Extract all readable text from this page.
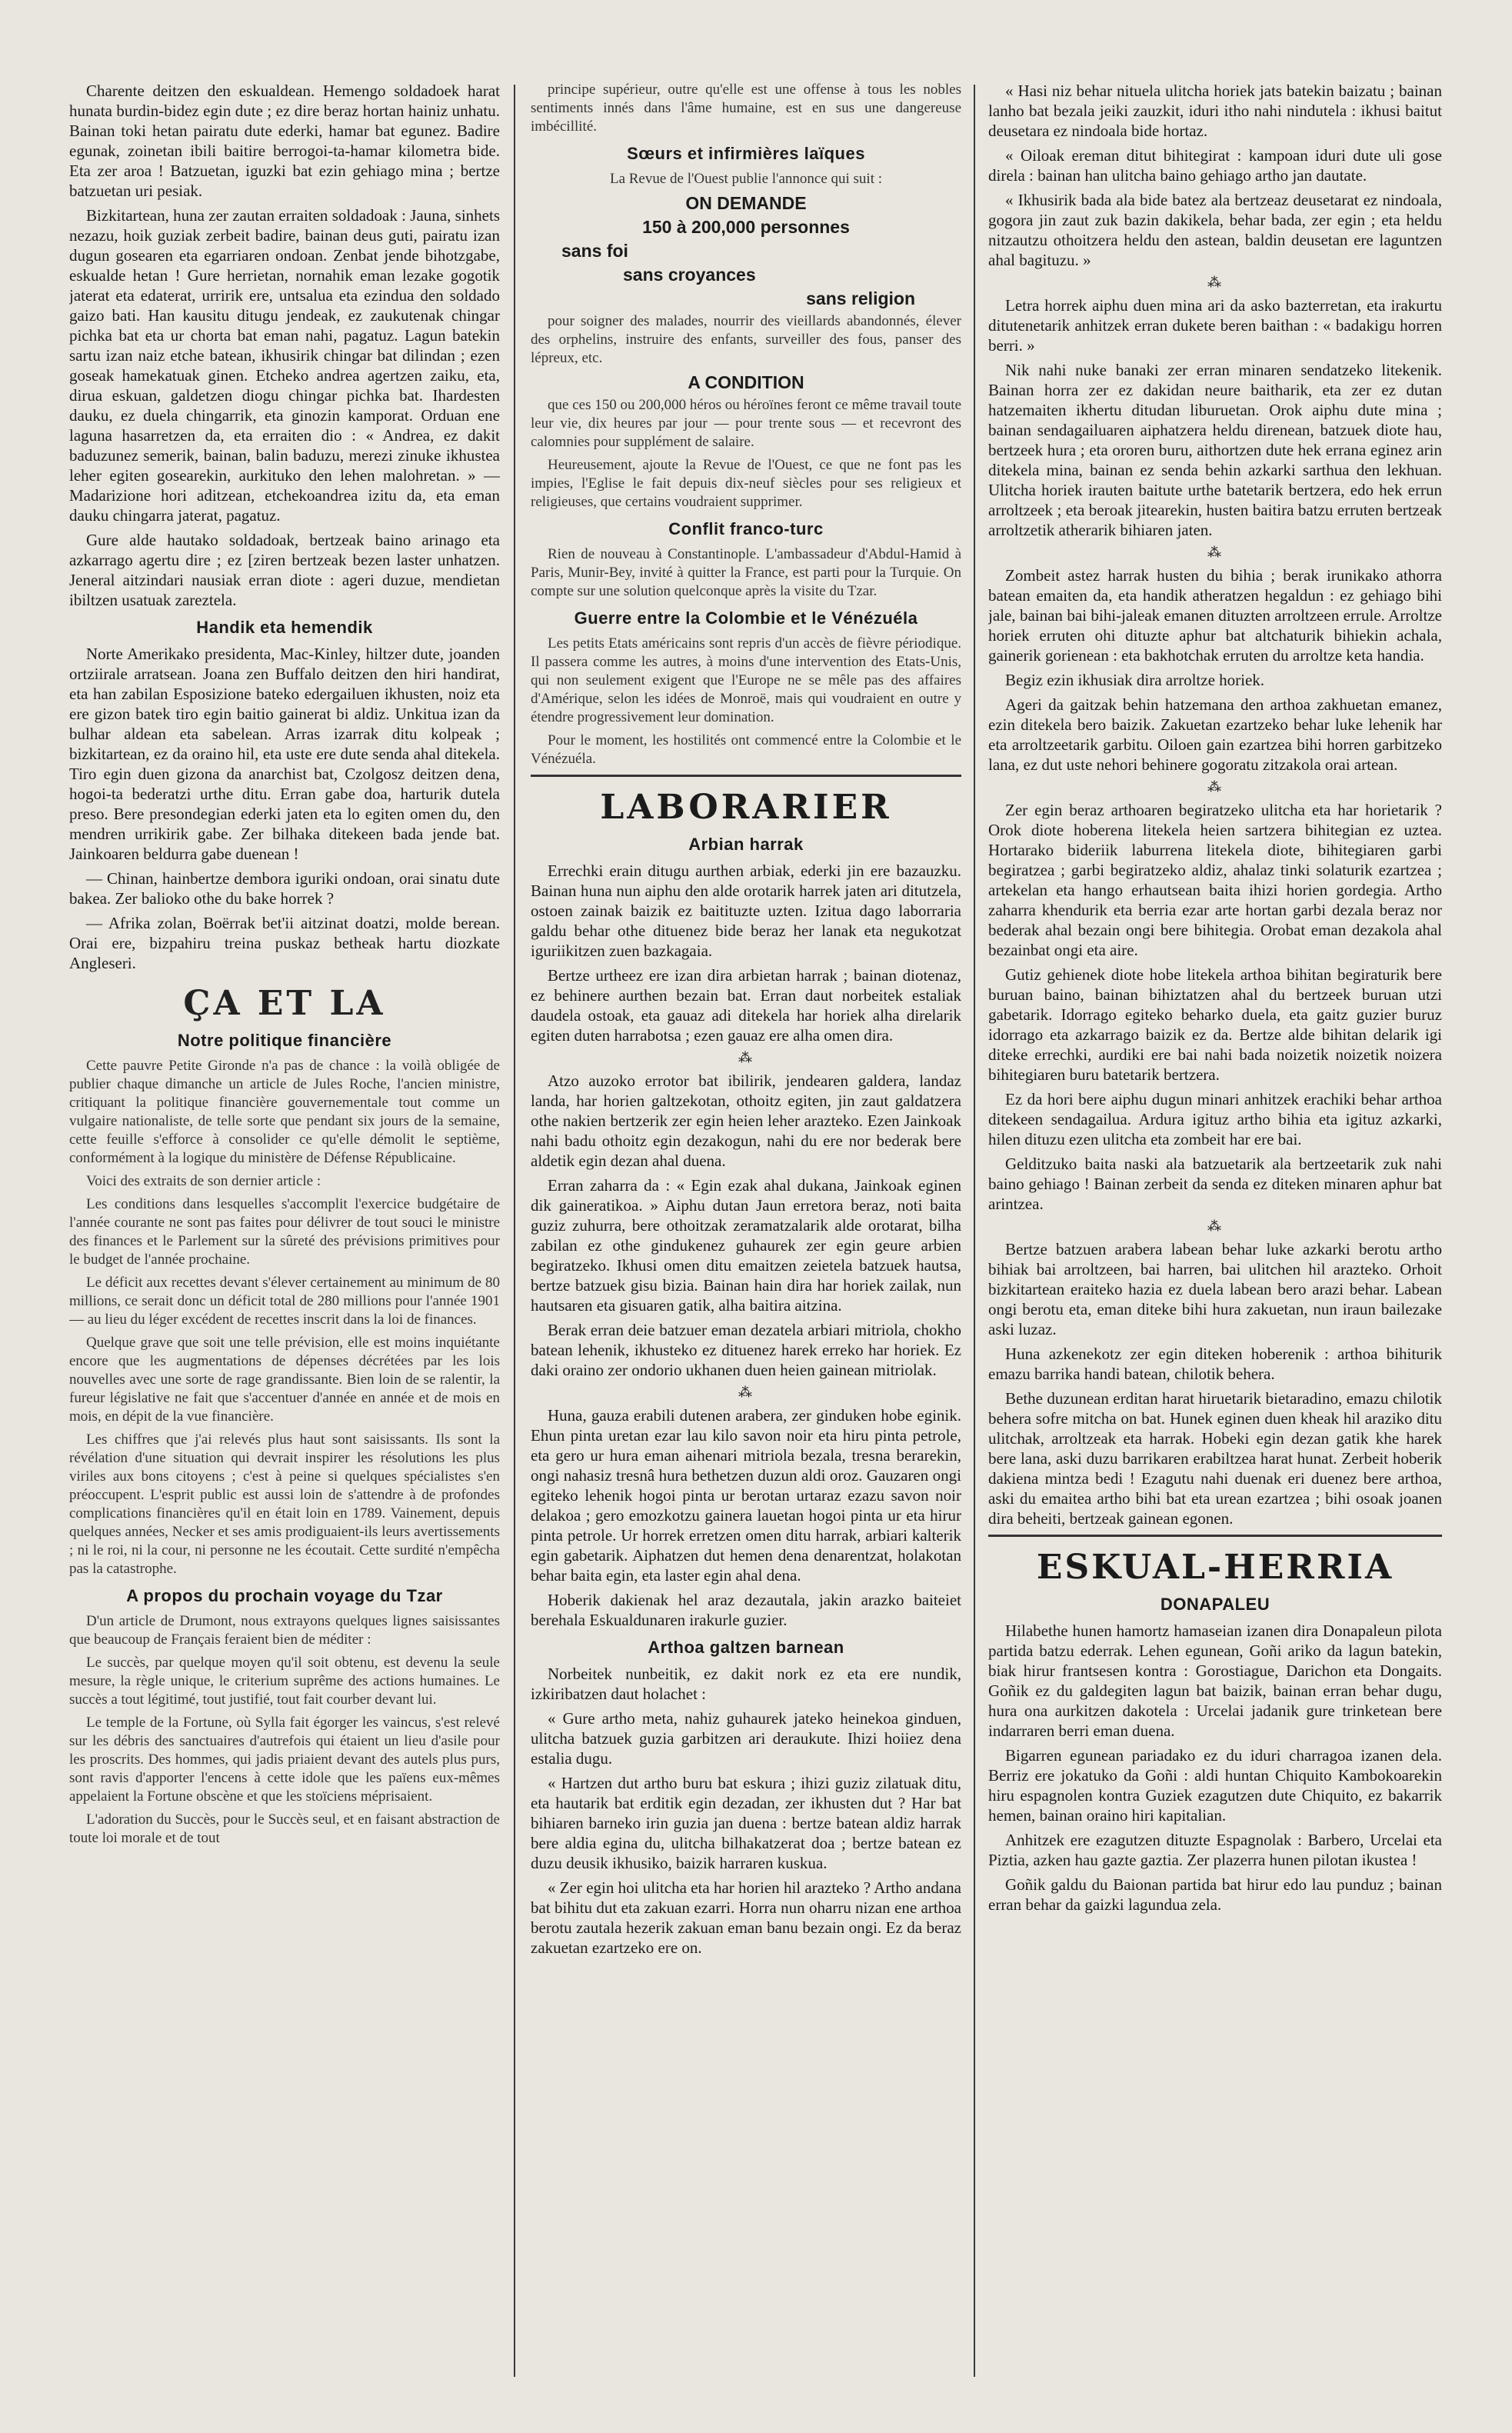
Charente deitzen den eskualdean. Hemengo soldadoek harat hunata burdin-bidez egin dute ; ez dire beraz hortan hainiz unhatu. Bainan toki hetan pairatu dute ederki, hamar bat egunez. Badire egunak, zoinetan ibili baitire berrogoi-ta-hamar kilometra bide. Eta zer aroa ! Batzuetan, iguzki bat ezin gehiago mina ; bertze batzuetan uri pesiak.

Bizkitartean, huna zer zautan erraiten soldadoak : Jauna, sinhets nezazu, hoik guziak zerbeit badire, bainan deus guti, pairatu izan dugun gosearen eta egarriaren ondoan. Zenbat jende bihotzgabe, eskualde hetan ! Gure herrietan, nornahik eman lezake gogotik jaterat eta edaterat, urririk ere, untsalua eta ezindua den soldado gaizo bati. Han kausitu ditugu jendeak, ez zaukutenak chingar pichka bat eta ur chorta bat eman nahi, pagatuz. Lagun batekin sartu izan naiz etche batean, ikhusirik chingar bat dilindan ; ezen goseak hamekatuak ginen. Etcheko andrea agertzen zaiku, eta, dirua eskuan, galdetzen diogu chingar pichka bat. Ihardesten dauku, ez duela chingarrik, eta ginozin kamporat. Orduan ene laguna hasarretzen da, eta erraiten dio : « Andrea, ez dakit baduzunez semerik, bainan, balin baduzu, merezi zinuke ikhustea leher egiten gosearekin, aurkituko den lehen malohretan. » — Madarizione hori aditzean, etchekoandrea izitu da, eta eman dauku chingarra jaterat, pagatuz.

Gure alde hautako soldadoak, bertzeak baino arinago eta azkarrago agertu dire ; ez [ziren bertzeak bezen laster unhatzen. Jeneral aitzindari nausiak erran diote : ageri duzue, mendietan ibiltzen usatuak zareztela.

Handik eta hemendik

Norte Amerikako presidenta, Mac-Kinley, hiltzer dute, joanden ortziirale arratsean. Joana zen Buffalo deitzen den hiri handirat, eta han zabilan Esposizione bateko edergailuen ikhusten, noiz eta ere gizon batek tiro egin baitio gainerat bi aldiz. Unkitua izan da bulhar aldean eta sabelean. Arras izarrak ditu kolpeak ; bizkitartean, ez da oraino hil, eta uste ere dute senda ahal ditekela. Tiro egin duen gizona da anarchist bat, Czolgosz deitzen dena, hogoi-ta bederatzi urthe ditu. Erran gabe doa, harturik dutela preso. Bere presondegian ederki jaten eta lo egiten omen du, den mendren urrikirik gabe. Zer bilhaka ditekeen bada jende bat. Jainkoaren beldurra gabe duenean !

— Chinan, hainbertze dembora iguriki ondoan, orai sinatu dute bakea. Zer balioko othe du bake horrek ?

— Afrika zolan, Boërrak bet'ii aitzinat doatzi, molde berean. Orai ere, bizpahiru treina puskaz betheak hartu diozkate Angleseri.

ÇA ET LA
Notre politique financière

Cette pauvre Petite Gironde n'a pas de chance : la voilà obligée de publier chaque dimanche un article de Jules Roche, l'ancien ministre, critiquant la politique financière gouvernementale tout comme un vulgaire nationaliste, de telle sorte que pendant six jours de la semaine, cette feuille s'efforce à consolider ce qu'elle démolit le septième, conformément à la logique du ministère de Défense Républicaine.

Voici des extraits de son dernier article :

Les conditions dans lesquelles s'accomplit l'exercice budgétaire de l'année courante ne sont pas faites pour délivrer de tout souci le ministre des finances et le Parlement sur la sûreté des prévisions primitives pour le budget de l'année prochaine.

Le déficit aux recettes devant s'élever certainement au minimum de 80 millions, ce serait donc un déficit total de 280 millions pour l'année 1901 — au lieu du léger excédent de recettes inscrit dans la loi de finances.

Quelque grave que soit une telle prévision, elle est moins inquiétante encore que les augmentations de dépenses décrétées par les lois nouvelles avec une sorte de rage grandissante. Bien loin de se ralentir, la fureur législative ne fait que s'accentuer d'année en année et de mois en mois, en dépit de la vue financière.

Les chiffres que j'ai relevés plus haut sont saisissants. Ils sont la révélation d'une situation qui devrait inspirer les résolutions les plus viriles aux bons citoyens ; c'est à peine si quelques spécialistes s'en préoccupent. L'esprit public est aussi loin de s'attendre à de profondes complications financières qu'il en était loin en 1789. Vainement, depuis quelques années, Necker et ses amis prodiguaient-ils leurs avertissements ; ni le roi, ni la cour, ni personne ne les écoutait. Cette surdité n'empêcha pas la catastrophe.

A propos du prochain voyage du Tzar

D'un article de Drumont, nous extrayons quelques lignes saisissantes que beaucoup de Français feraient bien de méditer :

Le succès, par quelque moyen qu'il soit obtenu, est devenu la seule mesure, la règle unique, le criterium suprême des actions humaines. Le succès a tout légitimé, tout justifié, tout fait courber devant lui.

Le temple de la Fortune, où Sylla fait égorger les vaincus, s'est relevé sur les débris des sanctuaires d'autrefois qui étaient un lieu d'asile pour les proscrits. Des hommes, qui jadis priaient devant des autels plus purs, sont ravis d'apporter l'encens à cette idole que les païens eux-mêmes appelaient la Fortune obscène et que les stoïciens méprisaient.

L'adoration du Succès, pour le Succès seul, et en faisant abstraction de toute loi morale et de tout

principe supérieur, outre qu'elle est une offense à tous les nobles sentiments innés dans l'âme humaine, est en sus une dangereuse imbécillité.

Sœurs et infirmières laïques

La Revue de l'Ouest publie l'annonce qui suit :

ON DEMANDE
150 à 200,000 personnes
sans foi
sans croyances
sans religion

pour soigner des malades, nourrir des vieillards abandonnés, élever des orphelins, instruire des enfants, surveiller des fous, panser des lépreux, etc.

A CONDITION

que ces 150 ou 200,000 héros ou héroïnes feront ce même travail toute leur vie, dix heures par jour — pour trente sous — et recevront des calomnies pour supplément de salaire.

Heureusement, ajoute la Revue de l'Ouest, ce que ne font pas les impies, l'Eglise le fait depuis dix-neuf siècles pour ses religieux et religieuses, que certains voudraient supprimer.

Conflit franco-turc

Rien de nouveau à Constantinople. L'ambassadeur d'Abdul-Hamid à Paris, Munir-Bey, invité à quitter la France, est parti pour la Turquie. On compte sur une solution quelconque après la visite du Tzar.

Guerre entre la Colombie et le Vénézuéla

Les petits Etats américains sont repris d'un accès de fièvre périodique. Il passera comme les autres, à moins d'une intervention des Etats-Unis, qui non seulement exigent que l'Europe ne se mêle pas des affaires d'Amérique, selon les idées de Monroë, mais qui voudraient en outre y étendre progressivement leur domination.

Pour le moment, les hostilités ont commencé entre la Colombie et le Vénézuéla.

LABORARIER
Arbian harrak

Errechki erain ditugu aurthen arbiak, ederki jin ere bazauzku. Bainan huna nun aiphu den alde orotarik harrek jaten ari ditutzela, ostoen zainak baizik ez baitituzte uzten. Izitua dago laborraria galdu behar othe dituenez bide beraz her lanak eta negukotzat iguriikitzen zuen bazkagaia.

Bertze urtheez ere izan dira arbietan harrak ; bainan diotenaz, ez behinere aurthen bezain bat. Erran daut norbeitek estaliak daudela ostoak, eta gauaz adi ditekela har horiek alha direlarik egiten duten harrabotsa ; ezen gauaz ere alha omen dira.

⁂

Atzo auzoko errotor bat ibilirik, jendearen galdera, landaz landa, har horien galtzekotan, othoitz egiten, jin zaut galdatzera othe nakien bertzerik zer egin heien leher arazteko. Ezen Jainkoak nahi badu othoitz egin dezakogun, nahi du ere nor bederak bere aldetik egin dezan ahal duena.

Erran zaharra da : « Egin ezak ahal dukana, Jainkoak eginen dik gaineratikoa. » Aiphu dutan Jaun erretora beraz, noti baita guziz zuhurra, bere othoitzak zeramatzalarik alde orotarat, bilha zabilan ez othe gindukenez guhaurek zer egin geure arbien begiratzeko. Ikhusi omen ditu emaitzen zeietela batzuek hautsa, bertze batzuek gisu bizia. Bainan hain dira har horiek zailak, nun hautsaren eta gisuaren gatik, alha baitira aitzina.

Berak erran deie batzuer eman dezatela arbiari mitriola, chokho batean lehenik, ikhusteko ez dituenez harek erreko har horiek. Ez daki oraino zer ondorio ukhanen duen heien gainean mitriolak.

⁂

Huna, gauza erabili dutenen arabera, zer ginduken hobe eginik. Ehun pinta uretan ezar lau kilo savon noir eta hiru pinta petrole, eta gero ur hura eman aihenari mitriola bezala, tresna berarekin, ongi nahasiz tresnâ hura bethetzen duzun aldi oroz. Gauzaren ongi egiteko lehenik hogoi pinta ur berotan urtaraz ezazu savon noir delakoa ; gero emozkotzu gainera lauetan hogoi pinta ur eta hirur pinta petrole. Ur horrek erretzen omen ditu harrak, arbiari kalterik egin gabetarik. Aiphatzen dut hemen dena denarentzat, holakotan behar baita egin, eta laster egin ahal dena.

Hoberik dakienak hel araz dezautala, jakin arazko baiteiet berehala Eskualdunaren irakurle guzier.

Arthoa galtzen barnean

Norbeitek nunbeitik, ez dakit nork ez eta ere nundik, izkiribatzen daut holachet :

« Gure artho meta, nahiz guhaurek jateko heinekoa ginduen, ulitcha batzuek guzia garbitzen ari deraukute. Ihizi hoiiez dena estalia dugu.

« Hartzen dut artho buru bat eskura ; ihizi guziz zilatuak ditu, eta hautarik bat erditik egin dezadan, zer ikhusten dut ? Har bat bihiaren barneko irin guzia jan duena : bertze batean aldiz harrak bere aldia egina du, ulitcha bilhakatzerat doa ; bertze batean ez duzu deusik ikhusiko, baizik harraren kuskua.

« Zer egin hoi ulitcha eta har horien hil arazteko ? Artho andana bat bihitu dut eta zakuan ezarri. Horra nun oharru nizan ene arthoa berotu zautala hezerik zakuan eman banu bezain ongi. Ez da beraz zakuetan ezartzeko ere on.

« Hasi niz behar nituela ulitcha horiek jats batekin baizatu ; bainan lanho bat bezala jeiki zauzkit, iduri itho nahi nindutela : ikhusi baitut deusetara ez nindoala bide hortaz.

« Oiloak ereman ditut bihitegirat : kampoan iduri dute uli gose direla : bainan han ulitcha baino gehiago artho jan dautate.

« Ikhusirik bada ala bide batez ala bertzeaz deusetarat ez nindoala, gogora jin zaut zuk bazin dakikela, behar bada, zer egin ; eta heldu nitzautzu othoitzera heldu den astean, baldin deusetan ere laguntzen ahal bagituzu. »

⁂

Letra horrek aiphu duen mina ari da asko bazterretan, eta irakurtu ditutenetarik anhitzek erran dukete beren baithan : « badakigu horren berri. »

Nik nahi nuke banaki zer erran minaren sendatzeko litekenik. Bainan horra zer ez dakidan neure baitharik, eta zer ez dutan hatzemaiten ikhertu ditudan liburuetan. Orok aiphu dute mina ; bainan sendagailuaren aiphatzera heldu direnean, batzuek diote hau, bertzeek hura ; eta ororen buru, aithortzen dute hek errana eginez arin ditekela mina, bainan ez senda behin azkarki sarthua den lekhuan. Ulitcha horiek irauten baitute urthe batetarik bertzera, edo hek errun arroltzeek ; eta beroak jitearekin, husten baitira batzu erruten bertzeak arroltzetik atherarik bihiaren jaten.

⁂

Zombeit astez harrak husten du bihia ; berak irunikako athorra batean emaiten da, eta handik atheratzen hegaldun : ez gehiago bihi jale, bainan bai bihi-jaleak emanen dituzten arroltzeen errule. Arroltze horiek erruten ohi dituzte aphur bat altchaturik bihiekin achala, gainerik gorienean : eta bakhotchak erruten du arroltze keta handia.

Begiz ezin ikhusiak dira arroltze horiek.

Ageri da gaitzak behin hatzemana den arthoa zakhuetan emanez, ezin ditekela bero baizik. Zakuetan ezartzeko behar luke lehenik har eta arroltzeetarik garbitu. Oiloen gain ezartzea bihi horren garbitzeko lana, ez dut uste nehori behinere gogoratu zitzakola orai artean.

⁂

Zer egin beraz arthoaren begiratzeko ulitcha eta har horietarik ? Orok diote hoberena litekela heien sartzera bihitegian ez uztea. Hortarako bideriik laburrena litekela diote, bihitegiaren garbi begiratzea ; garbi begiratzeko aldiz, ahalaz tinki solaturik ezartzea ; artekelan eta hango erhautsean baita ihizi horien gordegia. Artho zaharra khendurik eta berria ezar arte hortan garbi dezala beraz nor bederak ahal bezain ongi bere bihitegia. Orobat eman dezakola ahal bezainbat ongi eta aire.

Gutiz gehienek diote hobe litekela arthoa bihitan begiraturik bere buruan baino, bainan bihiztatzen ahal du bertzeek buruan utzi gabetarik. Idorrago egiteko beharko duela, eta gaitz guzier buruz idorrago eta azkarrago baizik ez da. Bertze alde bihitan delarik igi diteke errechki, aurdiki ere bai nahi bada noizetik noizetik noizera bihitegiaren buru batetarik bertzera.

Ez da hori bere aiphu dugun minari anhitzek erachiki behar arthoa ditekeen sendagailua. Ardura igituz artho bihia eta igituz azkarki, hilen dituzu ezen ulitcha eta zombeit har ere bai.

Gelditzuko baita naski ala batzuetarik ala bertzeetarik zuk nahi baino gehiago ! Bainan zerbeit da senda ez diteken minaren aphur bat arintzea.

⁂

Bertze batzuen arabera labean behar luke azkarki berotu artho bihiak bai arroltzeen, bai harren, bai ulitchen hil arazteko. Orhoit bizkitartean eraiteko hazia ez duela labean bero arazi behar. Labean ongi berotu eta, eman diteke bihi hura zakuetan, nun iraun bailezake aski luzaz.

Huna azkenekotz zer egin diteken hoberenik : arthoa bihiturik emazu barrika handi batean, chilotik behera.

Bethe duzunean erditan harat hiruetarik bietaradino, emazu chilotik behera sofre mitcha on bat. Hunek eginen duen kheak hil araziko ditu ulitchak, arroltzeak eta harrak. Hobeki egin dezan gatik khe harek bere lana, aski duzu barrikaren erabiltzea harat hunat. Zerbeit hoberik dakiena mintza bedi ! Ezagutu nahi duenak eri duenez bere arthoa, aski du emaitea artho bihi bat eta urean ezartzea ; bihi osoak joanen dira beheiti, bertzeak gainean egonen.

ESKUAL-HERRIA
DONAPALEU

Hilabethe hunen hamortz hamaseian izanen dira Donapaleun pilota partida batzu ederrak. Lehen egunean, Goñi ariko da lagun batekin, biak hirur frantsesen kontra : Gorostiague, Darichon eta Dongaits. Goñik ez du galdegiten lagun bat baizik, bainan erran behar dugu, hura ona aurkitzen dakotela : Urcelai jadanik gure trinketean bere indarraren berri eman duena.

Bigarren egunean pariadako ez du iduri charragoa izanen dela. Berriz ere jokatuko da Goñi : aldi huntan Chiquito Kambokoarekin hiru espagnolen kontra Guziek ezagutzen dute Chiquito, ez bakarrik hemen, bainan oraino hiri kapitalian.

Anhitzek ere ezagutzen dituzte Espagnolak : Barbero, Urcelai eta Piztia, azken hau gazte gaztia. Zer plazerra hunen pilotan ikustea !

Goñik galdu du Baionan partida bat hirur edo lau punduz ; bainan erran behar da gaizki lagundua zela.
